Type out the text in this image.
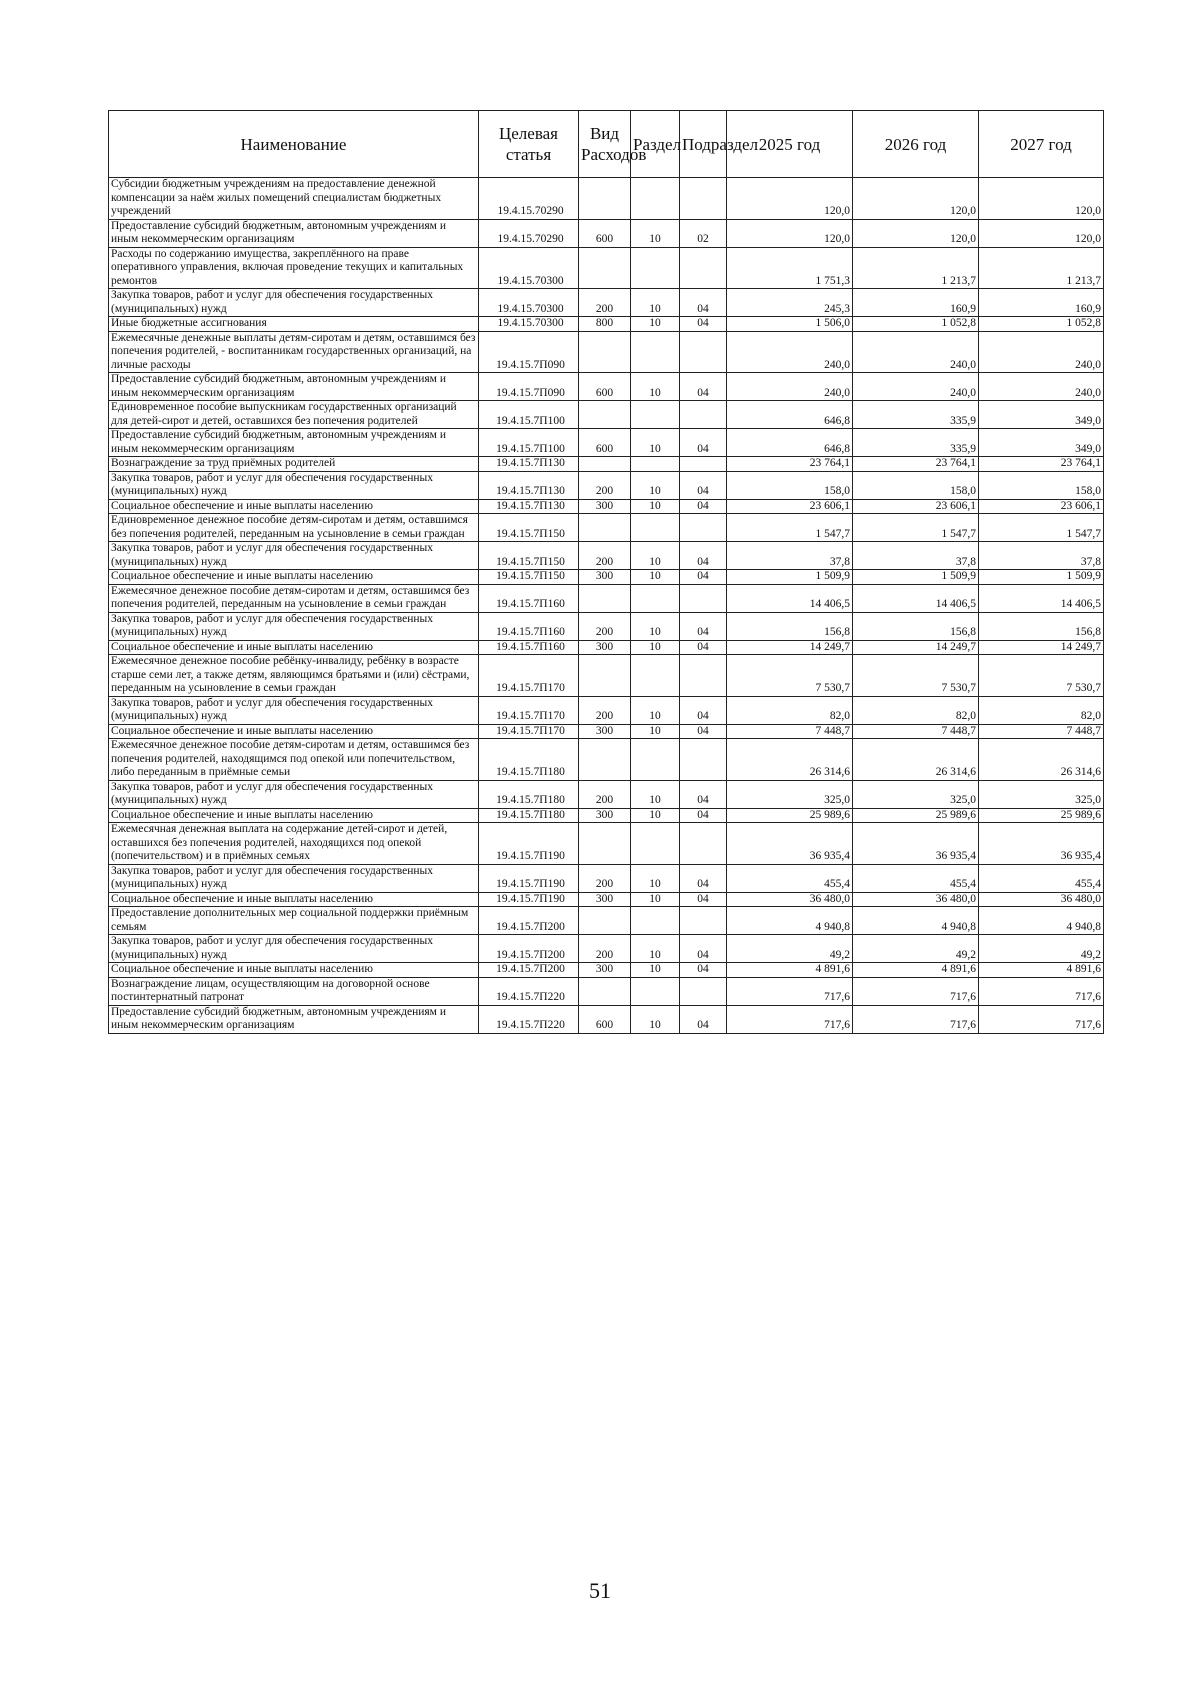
Наименование	Целевая статья	Вид Расходов	Раздел	Подраздел	2025 год	2026 год	2027 год
Субсидии бюджетным учреждениям на предоставление денежной компенсации за наём жилых помещений специалистам бюджетных учреждений	19.4.15.70290				120,0	120,0	120,0
Предоставление субсидий бюджетным, автономным учреждениям и иным некоммерческим организациям	19.4.15.70290	600	10	02	120,0	120,0	120,0
Расходы по содержанию имущества, закреплённого на праве оперативного управления, включая проведение текущих и капитальных ремонтов	19.4.15.70300				1 751,3	1 213,7	1 213,7
Закупка товаров, работ и услуг для обеспечения государственных (муниципальных) нужд	19.4.15.70300	200	10	04	245,3	160,9	160,9
Иные бюджетные ассигнования	19.4.15.70300	800	10	04	1 506,0	1 052,8	1 052,8
Ежемесячные денежные выплаты детям-сиротам и детям, оставшимся без попечения родителей, - воспитанникам государственных организаций, на личные расходы	19.4.15.7П090				240,0	240,0	240,0
Предоставление субсидий бюджетным, автономным учреждениям и иным некоммерческим организациям	19.4.15.7П090	600	10	04	240,0	240,0	240,0
Единовременное пособие выпускникам государственных организаций для детей-сирот и детей, оставшихся без попечения родителей	19.4.15.7П100				646,8	335,9	349,0
Предоставление субсидий бюджетным, автономным учреждениям и иным некоммерческим организациям	19.4.15.7П100	600	10	04	646,8	335,9	349,0
Вознаграждение за труд приёмных родителей	19.4.15.7П130				23 764,1	23 764,1	23 764,1
Закупка товаров, работ и услуг для обеспечения государственных (муниципальных) нужд	19.4.15.7П130	200	10	04	158,0	158,0	158,0
Социальное обеспечение и иные выплаты населению	19.4.15.7П130	300	10	04	23 606,1	23 606,1	23 606,1
Единовременное денежное пособие детям-сиротам и детям, оставшимся без попечения родителей, переданным на усыновление в семьи граждан	19.4.15.7П150				1 547,7	1 547,7	1 547,7
Закупка товаров, работ и услуг для обеспечения государственных (муниципальных) нужд	19.4.15.7П150	200	10	04	37,8	37,8	37,8
Социальное обеспечение и иные выплаты населению	19.4.15.7П150	300	10	04	1 509,9	1 509,9	1 509,9
Ежемесячное денежное пособие детям-сиротам и детям, оставшимся без попечения родителей, переданным на усыновление в семьи граждан	19.4.15.7П160				14 406,5	14 406,5	14 406,5
Закупка товаров, работ и услуг для обеспечения государственных (муниципальных) нужд	19.4.15.7П160	200	10	04	156,8	156,8	156,8
Социальное обеспечение и иные выплаты населению	19.4.15.7П160	300	10	04	14 249,7	14 249,7	14 249,7
Ежемесячное денежное пособие ребёнку-инвалиду, ребёнку в возрасте старше семи лет, а также детям, являющимся братьями и (или) сёстрами, переданным на усыновление в семьи граждан	19.4.15.7П170				7 530,7	7 530,7	7 530,7
Закупка товаров, работ и услуг для обеспечения государственных (муниципальных) нужд	19.4.15.7П170	200	10	04	82,0	82,0	82,0
Социальное обеспечение и иные выплаты населению	19.4.15.7П170	300	10	04	7 448,7	7 448,7	7 448,7
Ежемесячное денежное пособие детям-сиротам и детям, оставшимся без попечения родителей, находящимся под опекой или попечительством, либо переданным в приёмные семьи	19.4.15.7П180				26 314,6	26 314,6	26 314,6
Закупка товаров, работ и услуг для обеспечения государственных (муниципальных) нужд	19.4.15.7П180	200	10	04	325,0	325,0	325,0
Социальное обеспечение и иные выплаты населению	19.4.15.7П180	300	10	04	25 989,6	25 989,6	25 989,6
Ежемесячная денежная выплата на содержание детей-сирот и детей, оставшихся без попечения родителей, находящихся под опекой (попечительством) и в приёмных семьях	19.4.15.7П190				36 935,4	36 935,4	36 935,4
Закупка товаров, работ и услуг для обеспечения государственных (муниципальных) нужд	19.4.15.7П190	200	10	04	455,4	455,4	455,4
Социальное обеспечение и иные выплаты населению	19.4.15.7П190	300	10	04	36 480,0	36 480,0	36 480,0
Предоставление дополнительных мер социальной поддержки приёмным семьям	19.4.15.7П200				4 940,8	4 940,8	4 940,8
Закупка товаров, работ и услуг для обеспечения государственных (муниципальных) нужд	19.4.15.7П200	200	10	04	49,2	49,2	49,2
Социальное обеспечение и иные выплаты населению	19.4.15.7П200	300	10	04	4 891,6	4 891,6	4 891,6
Вознаграждение лицам, осуществляющим на договорной основе постинтернатный патронат	19.4.15.7П220				717,6	717,6	717,6
Предоставление субсидий бюджетным, автономным учреждениям и иным некоммерческим организациям	19.4.15.7П220	600	10	04	717,6	717,6	717,6
51
